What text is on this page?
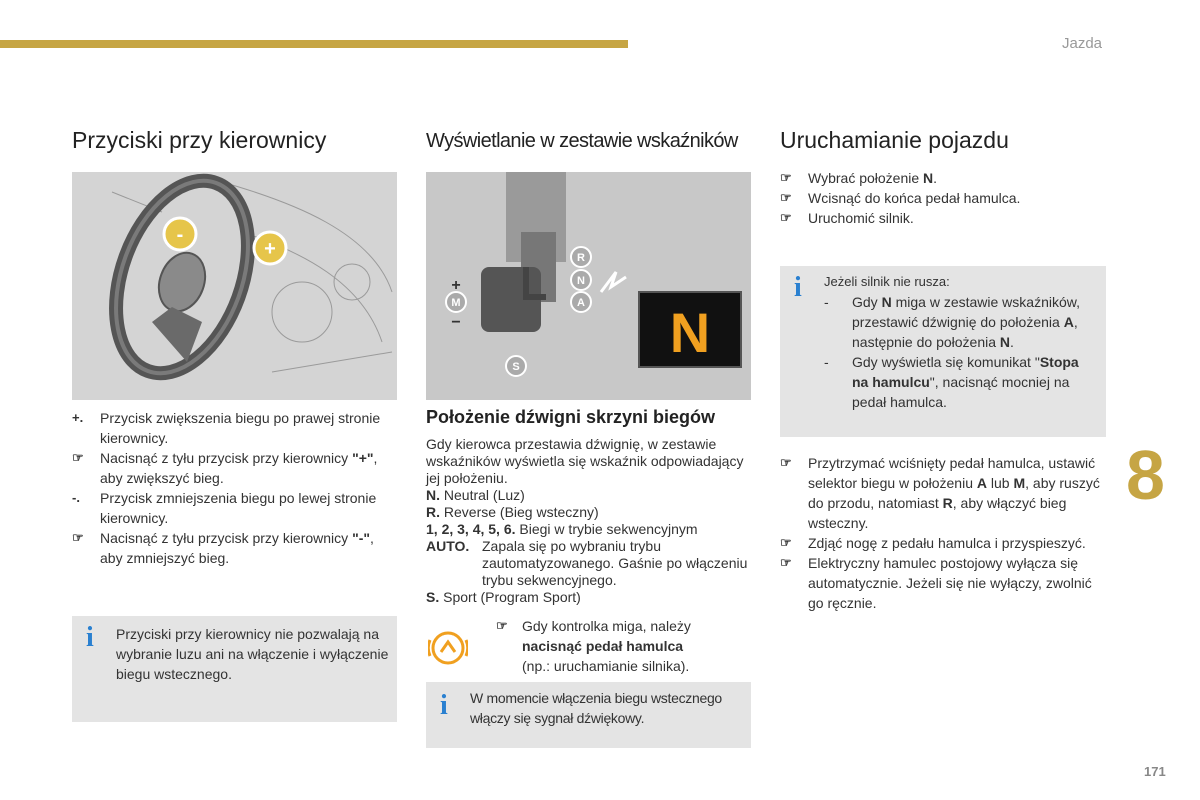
Jazda
8
171
Przyciski przy kierownicy
-
+
+. Przycisk zwiększenia biegu po prawej stronie kierownicy.
☞ Nacisnąć z tyłu przycisk przy kierownicy "+", aby zwiększyć bieg.
-. Przycisk zmniejszenia biegu po lewej stronie kierownicy.
☞ Nacisnąć z tyłu przycisk przy kierownicy "-", aby zmniejszyć bieg.
i Przyciski przy kierownicy nie pozwalają na wybranie luzu ani na włączenie i wyłączenie biegu wstecznego.
Wyświetlanie w zestawie wskaźników
R
N
A
M
+
−
S
N
Położenie dźwigni skrzyni biegów
Gdy kierowca przestawia dźwignię, w zestawie wskaźników wyświetla się wskaźnik odpowiadający jej położeniu.
N. Neutral (Luz)
R. Reverse (Bieg wsteczny)
1, 2, 3, 4, 5, 6. Biegi w trybie sekwencyjnym
AUTO. Zapala się po wybraniu trybu zautomatyzowanego. Gaśnie po włączeniu trybu sekwencyjnego.
S. Sport (Program Sport)
☞ Gdy kontrolka miga, należy nacisnąć pedał hamulca
(np.: uruchamianie silnika).
i W momencie włączenia biegu wstecznego włączy się sygnał dźwiękowy.
Uruchamianie pojazdu
☞ Wybrać położenie N.
☞ Wcisnąć do końca pedał hamulca.
☞ Uruchomić silnik.
i Jeżeli silnik nie rusza:
- Gdy N miga w zestawie wskaźników, przestawić dźwignię do położenia A, następnie do położenia N.
- Gdy wyświetla się komunikat "Stopa na hamulcu", nacisnąć mocniej na pedał hamulca.
☞ Przytrzymać wciśnięty pedał hamulca, ustawić selektor biegu w położeniu A lub M, aby ruszyć do przodu, natomiast R, aby włączyć bieg wsteczny.
☞ Zdjąć nogę z pedału hamulca i przyspieszyć.
☞ Elektryczny hamulec postojowy wyłącza się automatycznie. Jeżeli się nie wyłączy, zwolnić go ręcznie.
